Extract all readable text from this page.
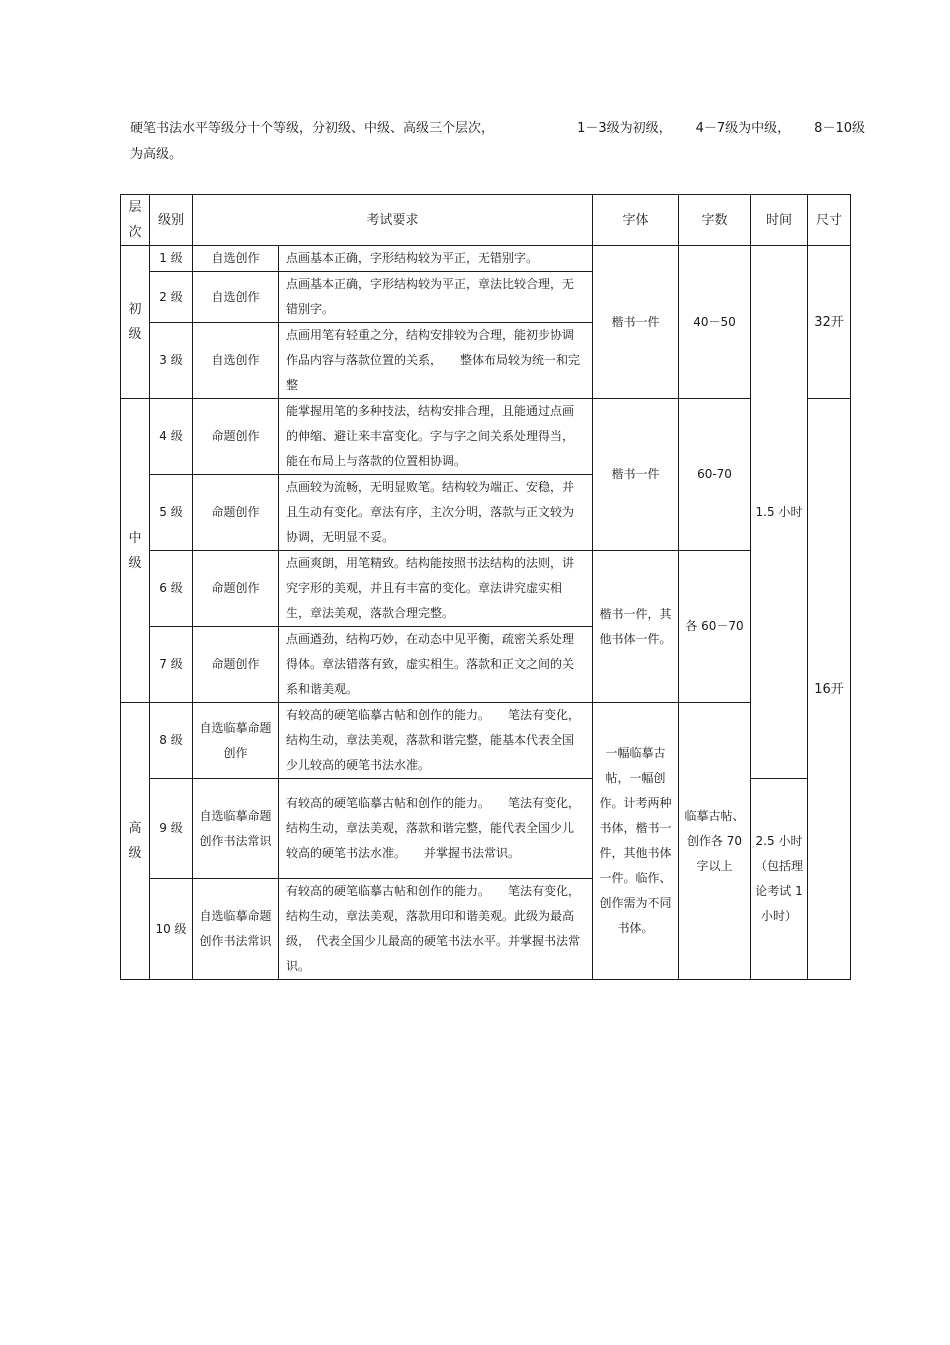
硬笔书法水平等级分十个等级，分初级、中级、高级三个层次，	1－3级为初级， 4－7级为中级， 8－10级
为高级。
层次	级别	考试要求		字体	字数	时间	尺寸
初级	1 级	自选创作	点画基本正确，字形结构较为平正，无错别字。	楷书一件	40－50	1.5 小时	32开
	2 级	自选创作	点画基本正确，字形结构较为平正，章法比较合理，无错别字。				
	3 级	自选创作	点画用笔有轻重之分，结构安排较为合理，能初步协调作品内容与落款位置的关系，　　整体布局较为统一和完整				
中级	4 级	命题创作	能掌握用笔的多种技法，结构安排合理，且能通过点画的伸缩、避让来丰富变化。字与字之间关系处理得当，能在布局上与落款的位置相协调。	楷书一件	60-70		16开
	5 级	命题创作	点画较为流畅，无明显败笔。结构较为端正、安稳，并且生动有变化。章法有序，主次分明，落款与正文较为协调，无明显不妥。				
	6 级	命题创作	点画爽朗，用笔精致。结构能按照书法结构的法则，讲究字形的美观，并且有丰富的变化。章法讲究虚实相生，章法美观，落款合理完整。	楷书一件，其他书体一件。	各 60－70		
	7 级	命题创作	点画遒劲，结构巧妙，在动态中见平衡，疏密关系处理得体。章法错落有致，虚实相生。落款和正文之间的关系和谐美观。				
高级	8 级	自选临摹命题创作	有较高的硬笔临摹古帖和创作的能力。　　笔法有变化，结构生动，章法美观，落款和谐完整，能基本代表全国少儿较高的硬笔书法水准。	一幅临摹古帖，一幅创作。计考两种书体，楷书一件，其他书体一件。临作、创作需为不同书体。	临摹古帖、创作各 70 字以上		
	9 级	自选临摹命题创作书法常识	有较高的硬笔临摹古帖和创作的能力。　　笔法有变化，结构生动，章法美观，落款和谐完整，能代表全国少儿较高的硬笔书法水准。　　并掌握书法常识。			2.5 小时（包括理论考试 1小时）	
	10 级	自选临摹命题创作书法常识	有较高的硬笔临摹古帖和创作的能力。　　笔法有变化，结构生动，章法美观，落款用印和谐美观。此级为最高级，　代表全国少儿最高的硬笔书法水平。并掌握书法常识。				
